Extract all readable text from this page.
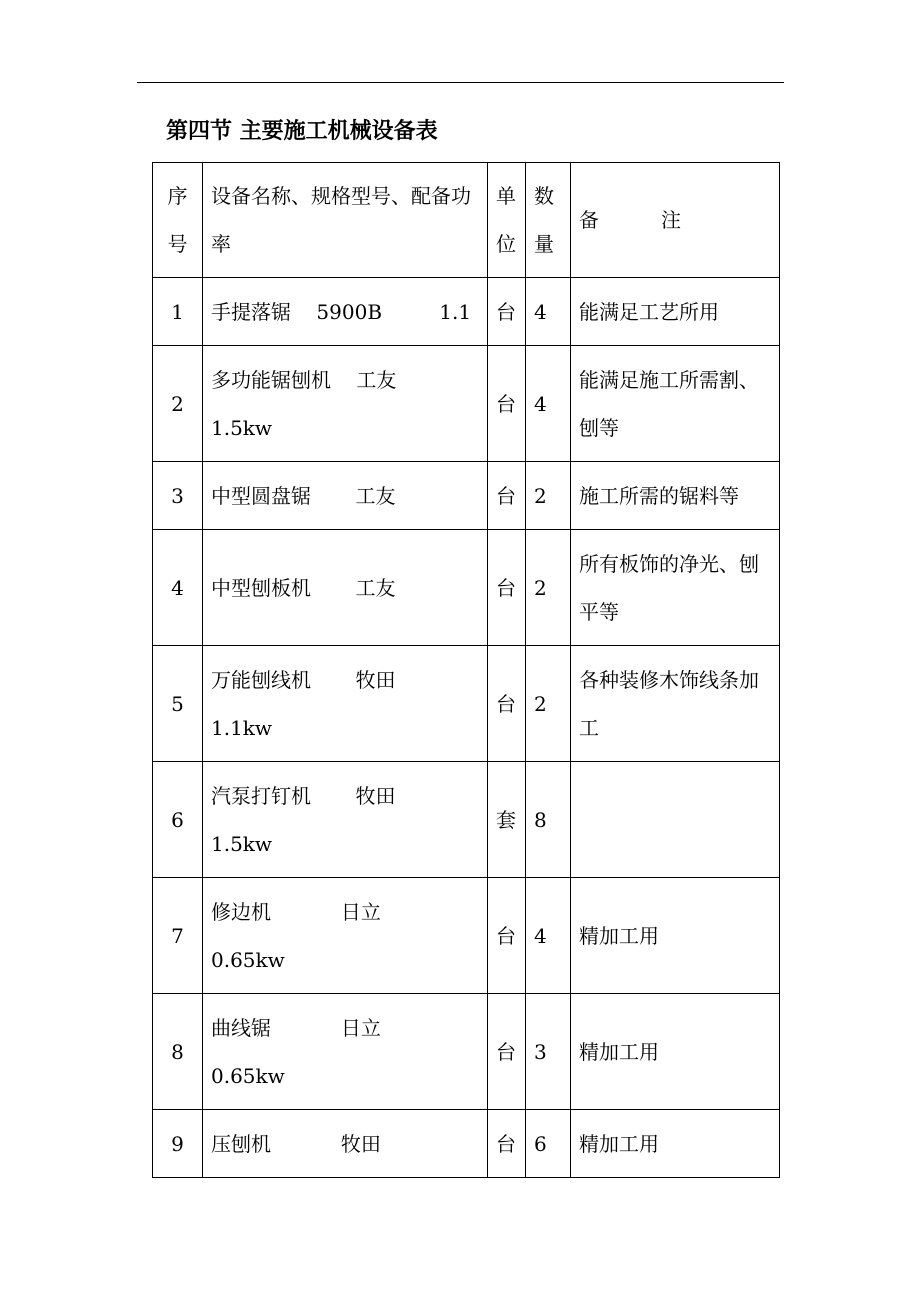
第四节 主要施工机械设备表
序号	设备名称、规格型号、配备功率	单位	数量	备 注
1	手提落锯    5900B         1.1	台	4	能满足工艺所用
2	多功能锯刨机    工友
1.5kw	台	4	能满足施工所需割、刨等
3	中型圆盘锯       工友	台	2	施工所需的锯料等
4	中型刨板机       工友	台	2	所有板饰的净光、刨平等
5	万能刨线机       牧田
1.1kw	台	2	各种装修木饰线条加工
6	汽泵打钉机       牧田
1.5kw	套	8	
7	修边机           日立
0.65kw	台	4	精加工用
8	曲线锯           日立
0.65kw	台	3	精加工用
9	压刨机           牧田	台	6	精加工用
